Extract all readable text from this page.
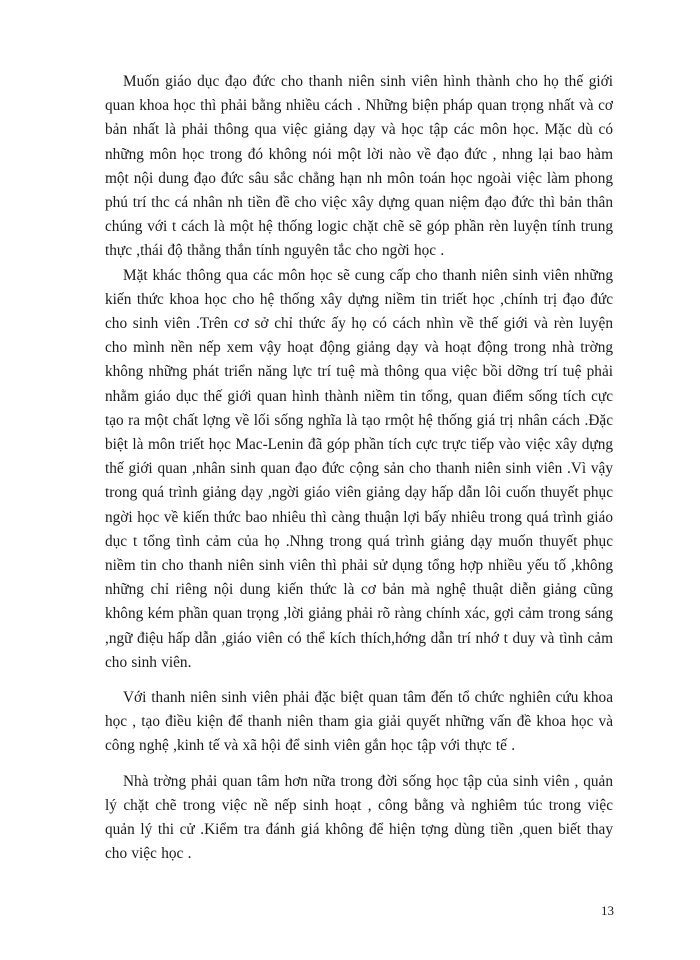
Muốn giáo dục đạo đức cho thanh niên sinh viên hình thành cho họ thế giới quan khoa học thì phải bằng nhiều cách . Những biện pháp quan trọng nhất và cơ bản nhất là phải thông qua việc giảng dạy và học tập các môn học. Mặc dù có những môn học trong đó không nói một lời nào về đạo đức , nhng lại bao hàm một nội dung đạo đức sâu sắc chẳng hạn nh môn toán học ngoài việc làm phong phú trí thc cá nhân nh tiền đề cho việc xây dựng quan niệm đạo đức thì bản thân chúng với t cách là một hệ thống logic chặt chẽ sẽ góp phần rèn luyện tính trung thực ,thái độ thẳng thắn tính nguyên tắc cho ngời học .

Mặt khác thông qua các môn học sẽ cung cấp cho thanh niên sinh viên những kiến thức khoa học cho hệ thống xây dựng niềm tin triết học ,chính trị đạo đức cho sinh viên .Trên cơ sở chỉ thức ấy họ có cách nhìn về thế giới và rèn luyện cho mình nền nếp xem vậy hoạt động giảng dạy và hoạt động trong nhà trờng không những phát triển năng lực trí tuệ mà thông qua việc bồi dỡng trí tuệ phải nhằm giáo dục thế giới quan hình thành niềm tin tổng, quan điểm sống tích cực tạo ra một chất lợng về lối sống nghĩa là tạo rmột hệ thống giá trị nhân cách .Đặc biệt là môn triết học Mac-Lenin đã góp phần tích cực trực tiếp vào việc xây dựng thế giới quan ,nhân sinh quan đạo đức cộng sản cho thanh niên sinh viên .Vì vậy trong quá trình giảng dạy ,ngời giáo viên giảng dạy hấp dẫn lôi cuốn thuyết phục ngời học về kiến thức bao nhiêu thì càng thuận lợi bấy nhiêu trong quá trình giáo dục t tổng tình cảm của họ .Nhng trong quá trình giảng dạy muốn thuyết phục niềm tin cho thanh niên sinh viên thì phải sử dụng tổng hợp nhiều yếu tố ,không những chỉ riêng nội dung kiến thức là cơ bản mà nghệ thuật diễn giảng cũng không kém phần quan trọng ,lời giảng phải rõ ràng chính xác, gợi cảm trong sáng ,ngữ điệu hấp dẫn ,giáo viên có thể kích thích,hớng dẫn trí nhớ t duy và tình cảm cho sinh viên.

Với thanh niên sinh viên phải đặc biệt quan tâm đến tổ chức nghiên cứu khoa học , tạo điều kiện để thanh niên tham gia giải quyết những vấn đề khoa học và công nghệ ,kinh tế và xã hội để sinh viên gắn học tập với thực tế .

Nhà trờng phải quan tâm hơn nữa trong đời sống học tập của sinh viên , quản lý chặt chẽ trong việc nề nếp sinh hoạt , công bằng và nghiêm túc trong việc quản lý thi cử .Kiểm tra đánh giá không để hiện tợng dùng tiền ,quen biết thay cho việc học .

13
